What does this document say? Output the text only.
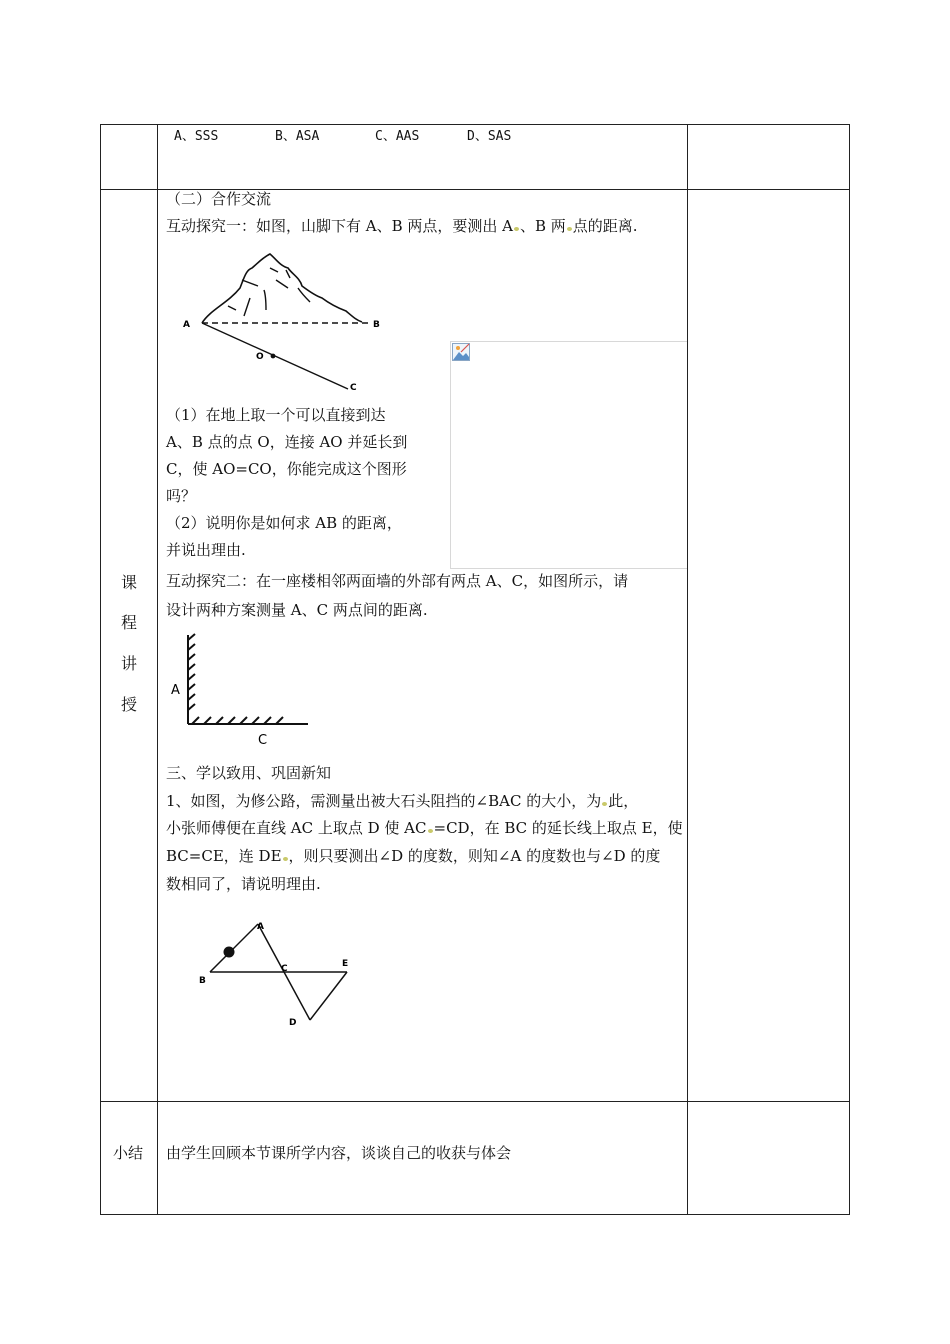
A、SSS	B、ASA	C、AAS	D、SAS
课
程
讲
授
（二）合作交流
互动探究一：如图，山脚下有 A、B 两点，要测出 A 、B 两 点的距离.
A	B
O
C
（1）在地上取一个可以直接到达
A、B 点的点 O，连接 AO 并延长到
C，使 AO=CO，你能完成这个图形
吗？
（2）说明你是如何求 AB 的距离，
并说出理由.
互动探究二：在一座楼相邻两面墙的外部有两点 A、C，如图所示，请
设计两种方案测量 A、C 两点间的距离.
A
C
三、学以致用、巩固新知
1、如图，为修公路，需测量出被大石头阻挡的∠BAC 的大小，为 此，
小张师傅便在直线 AC 上取点 D 使 AC =CD，在 BC 的延长线上取点 E，使
BC=CE，连 DE ，则只要测出∠D 的度数，则知∠A 的度数也与∠D 的度
数相同了，请说明理由.
A
B
C
D
E
小结 由学生回顾本节课所学内容，谈谈自己的收获与体会
